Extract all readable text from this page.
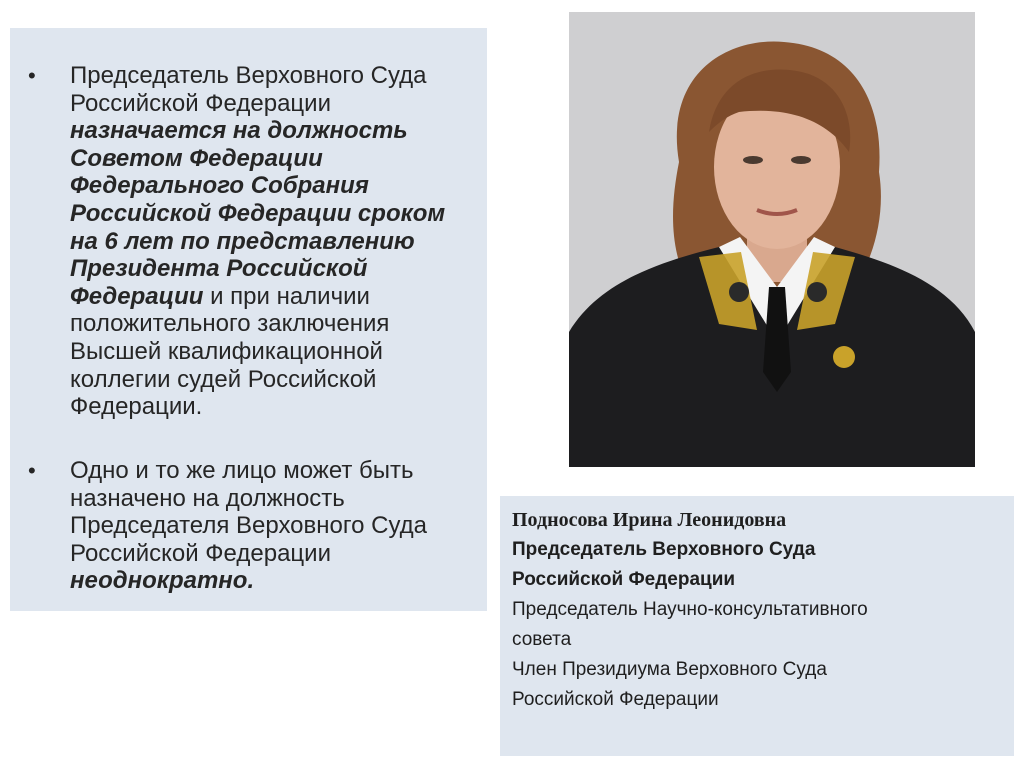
• Председатель Верховного Суда Российской Федерации назначается на должность Советом Федерации Федерального Собрания Российской Федерации сроком на 6 лет по представлению Президента Российской Федерации и при наличии положительного заключения Высшей квалификационной коллегии судей Российской Федерации.
• Одно и то же лицо может быть назначено на должность Председателя Верховного Суда Российской Федерации неоднократно.
Подносова Ирина Леонидовна
Председатель Верховного Суда
Российской Федерации
Председатель Научно-консультативного
совета
Член Президиума Верховного Суда
Российской Федерации
